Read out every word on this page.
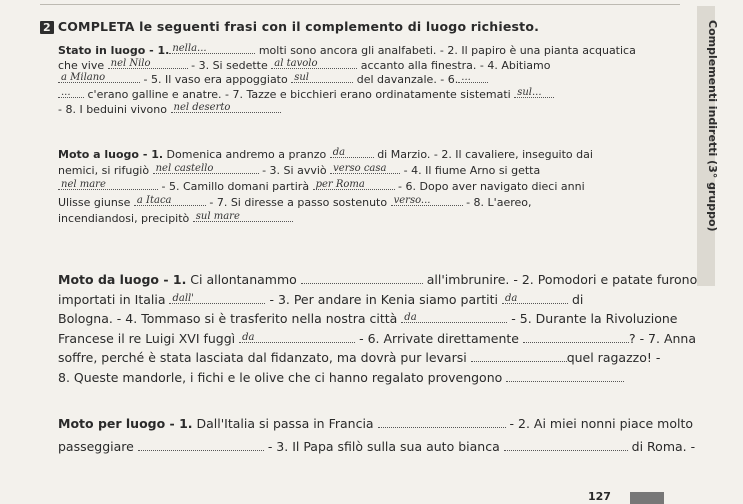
2 COMPLETA le seguenti frasi con il complemento di luogo richiesto.	Complementi indiretti (3° gruppo)
Stato in luogo - 1. nella...	molti sono ancora gli analfabeti. - 2. Il papiro è una pianta acquatica
che vive nel Nilo	- 3. Si sedette al tavolo	accanto alla finestra. - 4. Abitiamo
a Milano	- 5. Il vaso era appoggiato sul	del davanzale. - 6. ...
... c'erano galline e anatre. - 7. Tazze e bicchieri erano ordinatamente sistemati sul...
- 8. I beduini vivono nel deserto
Moto a luogo - 1. Domenica andremo a pranzo da	di Marzio. - 2. Il cavaliere, inseguito dai
nemici, si rifugiò nel castello	- 3. Si avviò verso casa - 4. Il fiume Arno si getta
nel mare	- 5. Camillo domani partirà per Roma	- 6. Dopo aver navigato dieci anni
Ulisse giunse a Itaca	- 7. Si diresse a passo sostenuto verso...	- 8. L'aereo,
incendiandosi, precipitò sul mare
Moto da luogo - 1. Ci allontanammo	all'imbrunire. - 2. Pomodori e patate furono
importati in Italia dall'	- 3. Per andare in Kenia siamo partiti da	di
Bologna. - 4. Tommaso si è trasferito nella nostra città da	- 5. Durante la Rivoluzione
Francese il re Luigi XVI fuggì da	- 6. Arrivate direttamente	? - 7. Anna
soffre, perché è stata lasciata dal fidanzato, ma dovrà pur levarsi	quel ragazzo! -
8. Queste mandorle, i fichi e le olive che ci hanno regalato provengono
Moto per luogo - 1. Dall'Italia si passa in Francia	- 2. Ai miei nonni piace molto
passeggiare	- 3. Il Papa sfilò sulla sua auto bianca	di Roma. -
127
